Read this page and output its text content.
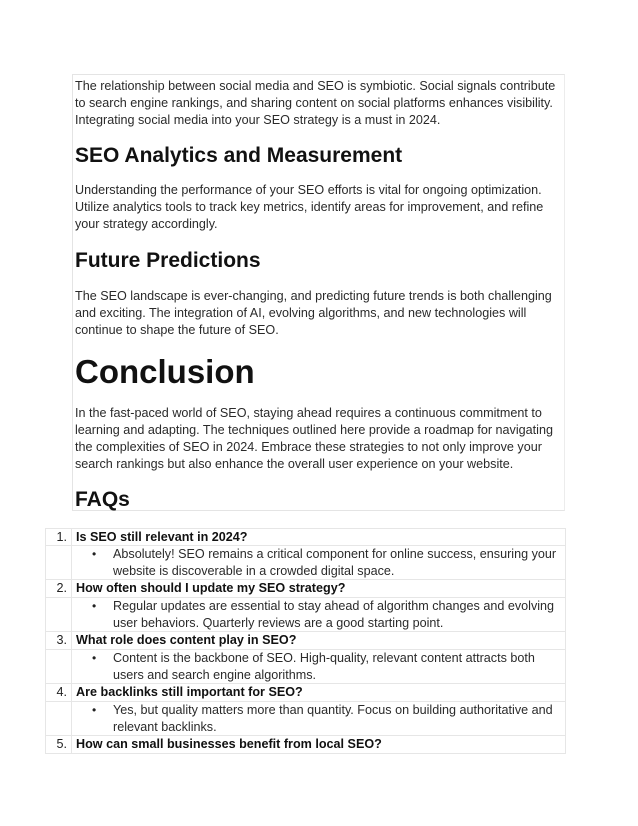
The relationship between social media and SEO is symbiotic. Social signals contribute to search engine rankings, and sharing content on social platforms enhances visibility. Integrating social media into your SEO strategy is a must in 2024.

SEO Analytics and Measurement

Understanding the performance of your SEO efforts is vital for ongoing optimization. Utilize analytics tools to track key metrics, identify areas for improvement, and refine your strategy accordingly.

Future Predictions

The SEO landscape is ever-changing, and predicting future trends is both challenging and exciting. The integration of AI, evolving algorithms, and new technologies will continue to shape the future of SEO.

Conclusion

In the fast-paced world of SEO, staying ahead requires a continuous commitment to learning and adapting. The techniques outlined here provide a roadmap for navigating the complexities of SEO in 2024. Embrace these strategies to not only improve your search rankings but also enhance the overall user experience on your website.

FAQs
1. Is SEO still relevant in 2024?
• Absolutely! SEO remains a critical component for online success, ensuring your website is discoverable in a crowded digital space.
2. How often should I update my SEO strategy?
• Regular updates are essential to stay ahead of algorithm changes and evolving user behaviors. Quarterly reviews are a good starting point.
3. What role does content play in SEO?
• Content is the backbone of SEO. High-quality, relevant content attracts both users and search engine algorithms.
4. Are backlinks still important for SEO?
• Yes, but quality matters more than quantity. Focus on building authoritative and relevant backlinks.
5. How can small businesses benefit from local SEO?
